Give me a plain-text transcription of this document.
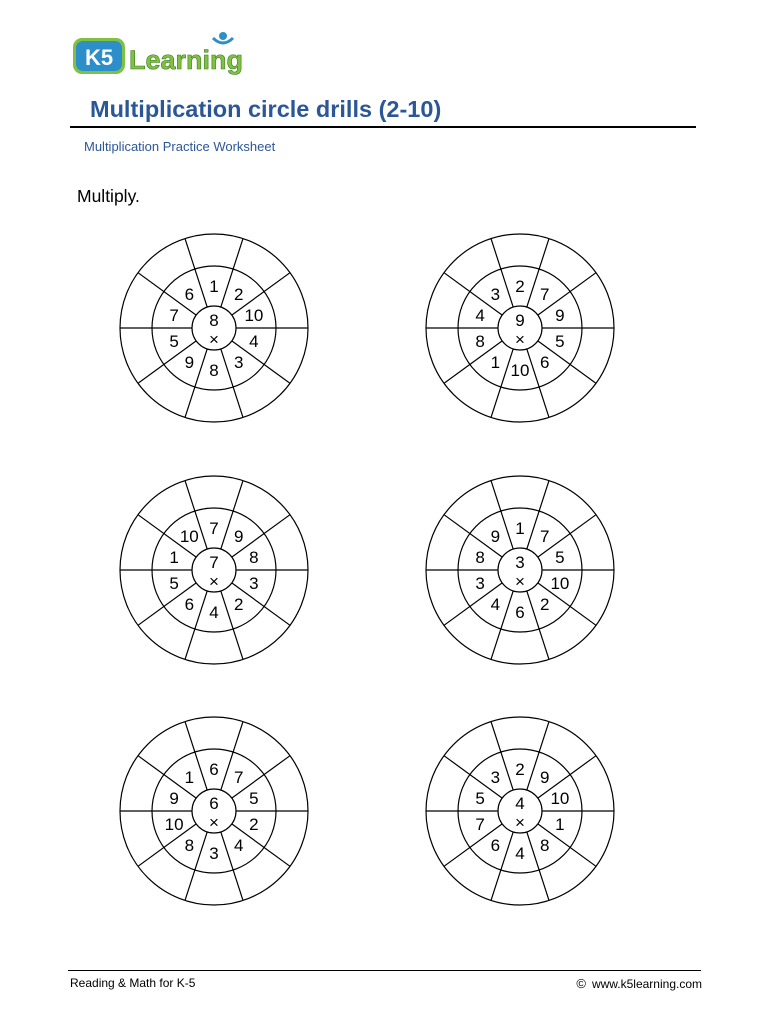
K5 Learning
Multiplication circle drills (2-10)
Multiplication Practice Worksheet
Multiply.
1 2
10
4
3
8
9
5
7
6
8
×
2 7
9
5
6
10
1
8
4
3
9
×
7 9
8
3
2
4
6
5
1
10
7
×
1 7
5
10
2
6
4
3
8
9
3
×
6 7
5
2
4
3
8
10
9
1
6
×
2 9
10
1
8
4
6
7
5
3
4
×
Reading & Math for K-5	© www.k5learning.com
